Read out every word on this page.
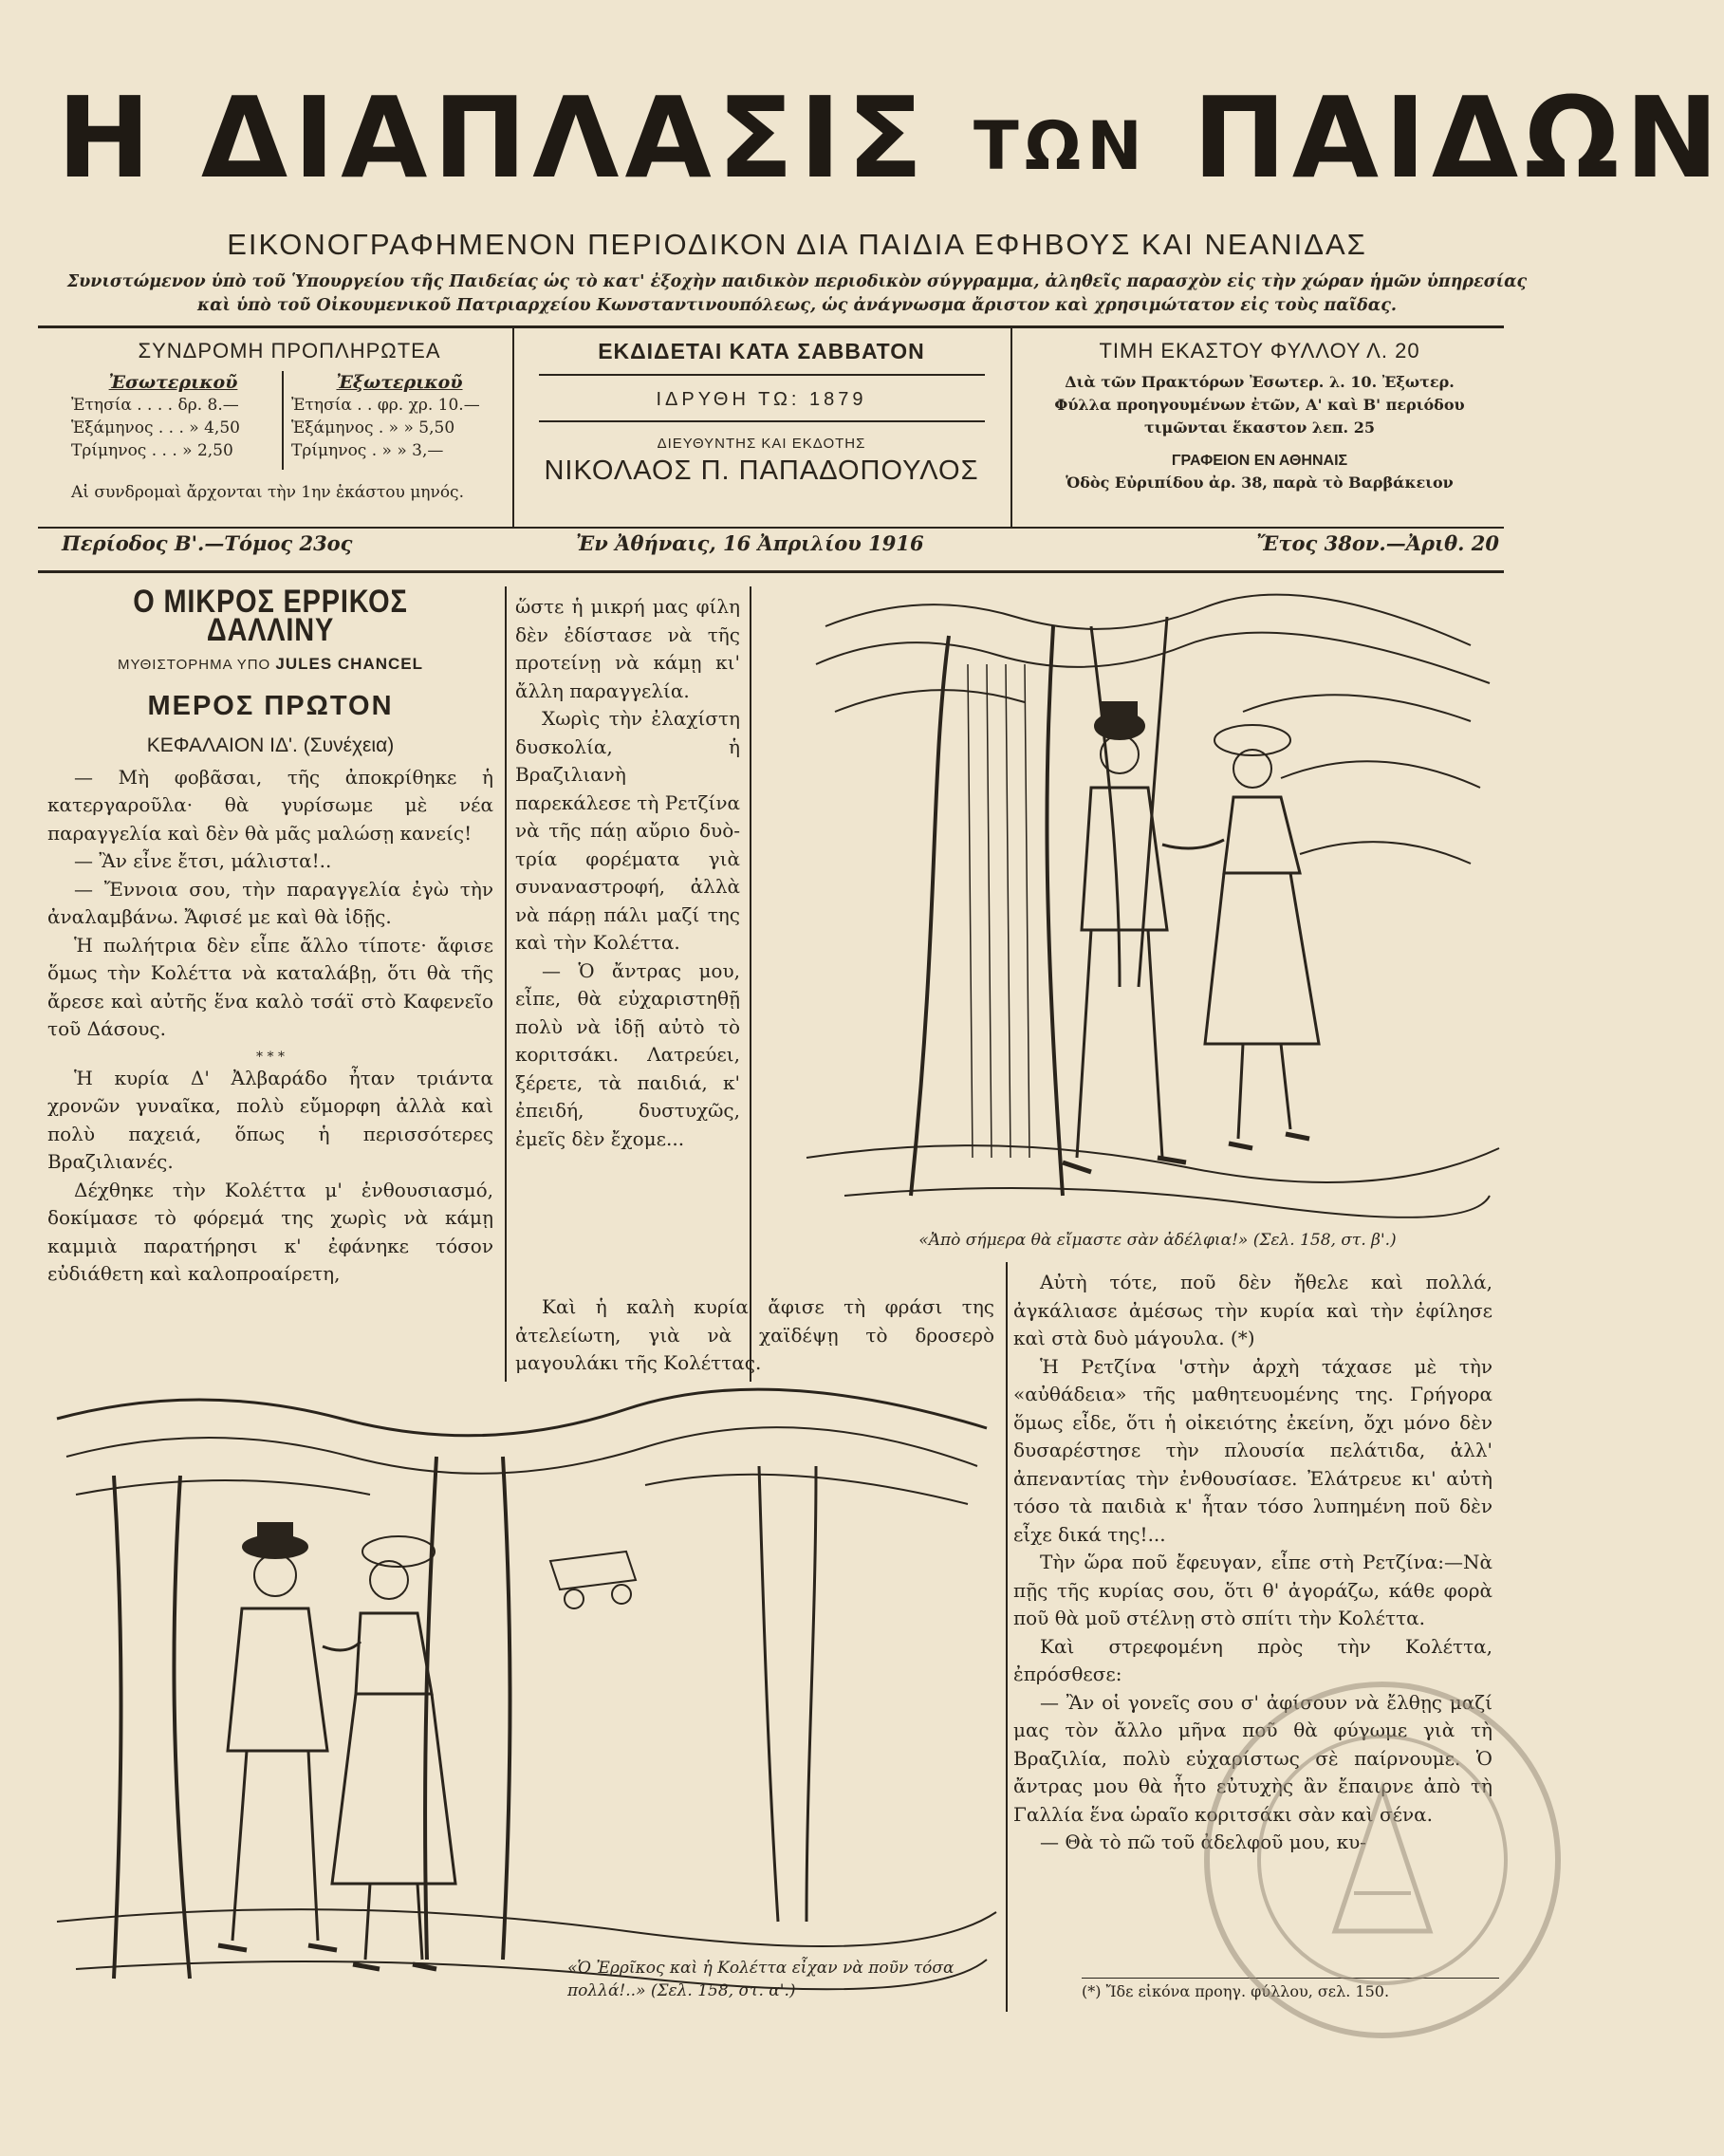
Η ΔΙΑΠΛΑΣΙΣ ΤΩΝ ΠΑΙΔΩΝ
ΕΙΚΟΝΟΓΡΑΦΗΜΕΝΟΝ ΠΕΡΙΟΔΙΚΟΝ ΔΙΑ ΠΑΙΔΙΑ ΕΦΗΒΟΥΣ ΚΑΙ ΝΕΑΝΙΔΑΣ
Συνιστώμενον ὑπὸ τοῦ Ὑπουργείου τῆς Παιδείας ὡς τὸ κατ' ἐξοχὴν παιδικὸν περιοδικὸν σύγγραμμα, ἀληθεῖς παρασχὸν εἰς τὴν χώραν ἡμῶν ὑπηρεσίας
καὶ ὑπὸ τοῦ Οἰκουμενικοῦ Πατριαρχείου Κωνσταντινουπόλεως, ὡς ἀνάγνωσμα ἄριστον καὶ χρησιμώτατον εἰς τοὺς παῖδας.
ΣΥΝΔΡΟΜΗ ΠΡΟΠΛΗΡΩΤΕΑ
Ἐσωτερικοῦ
Ἐτησία . . . . δρ. 8.—
Ἑξάμηνος . . . » 4,50
Τρίμηνος . . . » 2,50
Ἐξωτερικοῦ
Ἐτησία . . φρ. χρ. 10.—
Ἑξάμηνος . » » 5,50
Τρίμηνος . » » 3,—
Αἱ συνδρομαὶ ἄρχονται τὴν 1ην ἑκάστου μηνός.
ΕΚΔΙΔΕΤΑΙ ΚΑΤΑ ΣΑΒΒΑΤΟΝ
ΙΔΡΥΘΗ ΤΩ: 1879
ΔΙΕΥΘΥΝΤΗΣ ΚΑΙ ΕΚΔΟΤΗΣ
ΝΙΚΟΛΑΟΣ Π. ΠΑΠΑΔΟΠΟΥΛΟΣ
ΤΙΜΗ ΕΚΑΣΤΟΥ ΦΥΛΛΟΥ Λ. 20
Διὰ τῶν Πρακτόρων Ἐσωτερ. λ. 10. Ἐξωτερ.
Φύλλα προηγουμένων ἐτῶν, Α' καὶ Β' περιόδου
τιμῶνται ἕκαστον λεπ. 25
ΓΡΑΦΕΙΟΝ ΕΝ ΑΘΗΝΑΙΣ
Ὁδὸς Εὐριπίδου ἀρ. 38, παρὰ τὸ Βαρβάκειον
Περίοδος Β'.—Τόμος 23ος	Ἐν Ἀθήναις, 16 Ἀπριλίου 1916	Ἔτος 38ον.—Ἀριθ. 20
Ο ΜΙΚΡΟΣ ΕΡΡΙΚΟΣ ΔΑΛΛΙΝΥ
ΜΥΘΙΣΤΟΡΗΜΑ ΥΠΟ JULES CHANCEL
ΜΕΡΟΣ ΠΡΩΤΟΝ
ΚΕΦΑΛΑΙΟΝ ΙΔ'. (Συνέχεια)

— Μὴ φοβᾶσαι, τῆς ἀποκρίθηκε ἡ κατεργαροῦλα· θὰ γυρίσωμε μὲ νέα παραγγελία καὶ δὲν θὰ μᾶς μαλώσῃ κανείς!

— Ἂν εἶνε ἔτσι, μάλιστα!..

— Ἔννοια σου, τὴν παραγγελία ἐγὼ τὴν ἀναλαμβάνω. Ἄφισέ με καὶ θὰ ἰδῇς.

Ἡ πωλήτρια δὲν εἶπε ἄλλο τίποτε· ἄφισε ὅμως τὴν Κολέττα νὰ καταλάβῃ, ὅτι θὰ τῆς ἄρεσε καὶ αὐτῆς ἕνα καλὸ τσάϊ στὸ Καφενεῖο τοῦ Δάσους.

* * *

Ἡ κυρία Δ' Ἀλβαράδο ἦταν τριάντα χρονῶν γυναῖκα, πολὺ εὔμορφη ἀλλὰ καὶ πολὺ παχειά, ὅπως ἡ περισσότερες Βραζιλιανές.

Δέχθηκε τὴν Κολέττα μ' ἐνθουσιασμό, δοκίμασε τὸ φόρεμά της χωρὶς νὰ κάμῃ καμμιὰ παρατήρησι κ' ἐφάνηκε τόσον εὐδιάθετη καὶ καλοπροαίρετη,

ὥστε ἡ μικρή μας φίλη δὲν ἐδίστασε νὰ τῆς προτείνῃ νὰ κάμῃ κι' ἄλλη παραγγελία.

Χωρὶς τὴν ἐλαχίστη δυσκολία, ἡ Βραζιλιανὴ παρεκάλεσε τὴ Ρετζίνα νὰ τῆς πάῃ αὔριο δυὸ-τρία φορέματα γιὰ συναναστροφή, ἀλλὰ νὰ πάρῃ πάλι μαζί της καὶ τὴν Κολέττα.

— Ὁ ἄντρας μου, εἶπε, θὰ εὐχαριστηθῇ πολὺ νὰ ἰδῇ αὐτὸ τὸ κοριτσάκι. Λατρεύει, ξέρετε, τὰ παιδιά, κ' ἐπειδή, δυστυχῶς, ἐμεῖς δὲν ἔχομε...

Καὶ ἡ καλὴ κυρία ἄφισε τὴ φράσι της ἀτελείωτη, γιὰ νὰ χαϊδέψῃ τὸ δροσερὸ μαγουλάκι τῆς Κολέττας.

«Ἀπὸ σήμερα θὰ εἴμαστε σὰν ἀδέλφια!» (Σελ. 158, στ. β'.)

Αὐτὴ τότε, ποῦ δὲν ἤθελε καὶ πολλά, ἀγκάλιασε ἀμέσως τὴν κυρία καὶ τὴν ἐφίλησε καὶ στὰ δυὸ μάγουλα. (*)

Ἡ Ρετζίνα 'στὴν ἀρχὴ τάχασε μὲ τὴν «αὐθάδεια» τῆς μαθητευομένης της. Γρήγορα ὅμως εἶδε, ὅτι ἡ οἰκειότης ἐκείνη, ὄχι μόνο δὲν δυσαρέστησε τὴν πλουσία πελάτιδα, ἀλλ' ἀπεναντίας τὴν ἐνθουσίασε. Ἐλάτρευε κι' αὐτὴ τόσο τὰ παιδιὰ κ' ἦταν τόσο λυπημένη ποῦ δὲν εἶχε δικά της!...

Τὴν ὥρα ποῦ ἔφευγαν, εἶπε στὴ Ρετζίνα:—Νὰ πῇς τῆς κυρίας σου, ὅτι θ' ἀγοράζω, κάθε φορὰ ποῦ θὰ μοῦ στέλνῃ στὸ σπίτι τὴν Κολέττα.

Καὶ στρεφομένη πρὸς τὴν Κολέττα, ἐπρόσθεσε:

— Ἂν οἱ γονεῖς σου σ' ἀφίσουν νὰ ἔλθῃς μαζί μας τὸν ἄλλο μῆνα ποῦ θὰ φύγωμε γιὰ τὴ Βραζιλία, πολὺ εὐχαρίστως σὲ παίρνουμε. Ὁ ἄντρας μου θὰ ἦτο εὐτυχὴς ἂν ἔπαιρνε ἀπὸ τὴ Γαλλία ἕνα ὡραῖο κοριτσάκι σὰν καὶ σένα.

— Θὰ τὸ πῶ τοῦ ἀδελφοῦ μου, κυ-

«Ὁ Ἐρρῖκος καὶ ἡ Κολέττα εἶχαν νὰ ποῦν τόσα πολλά!..» (Σελ. 158, στ. α'.)	(*) Ἴδε εἰκόνα προηγ. φύλλου, σελ. 150.
